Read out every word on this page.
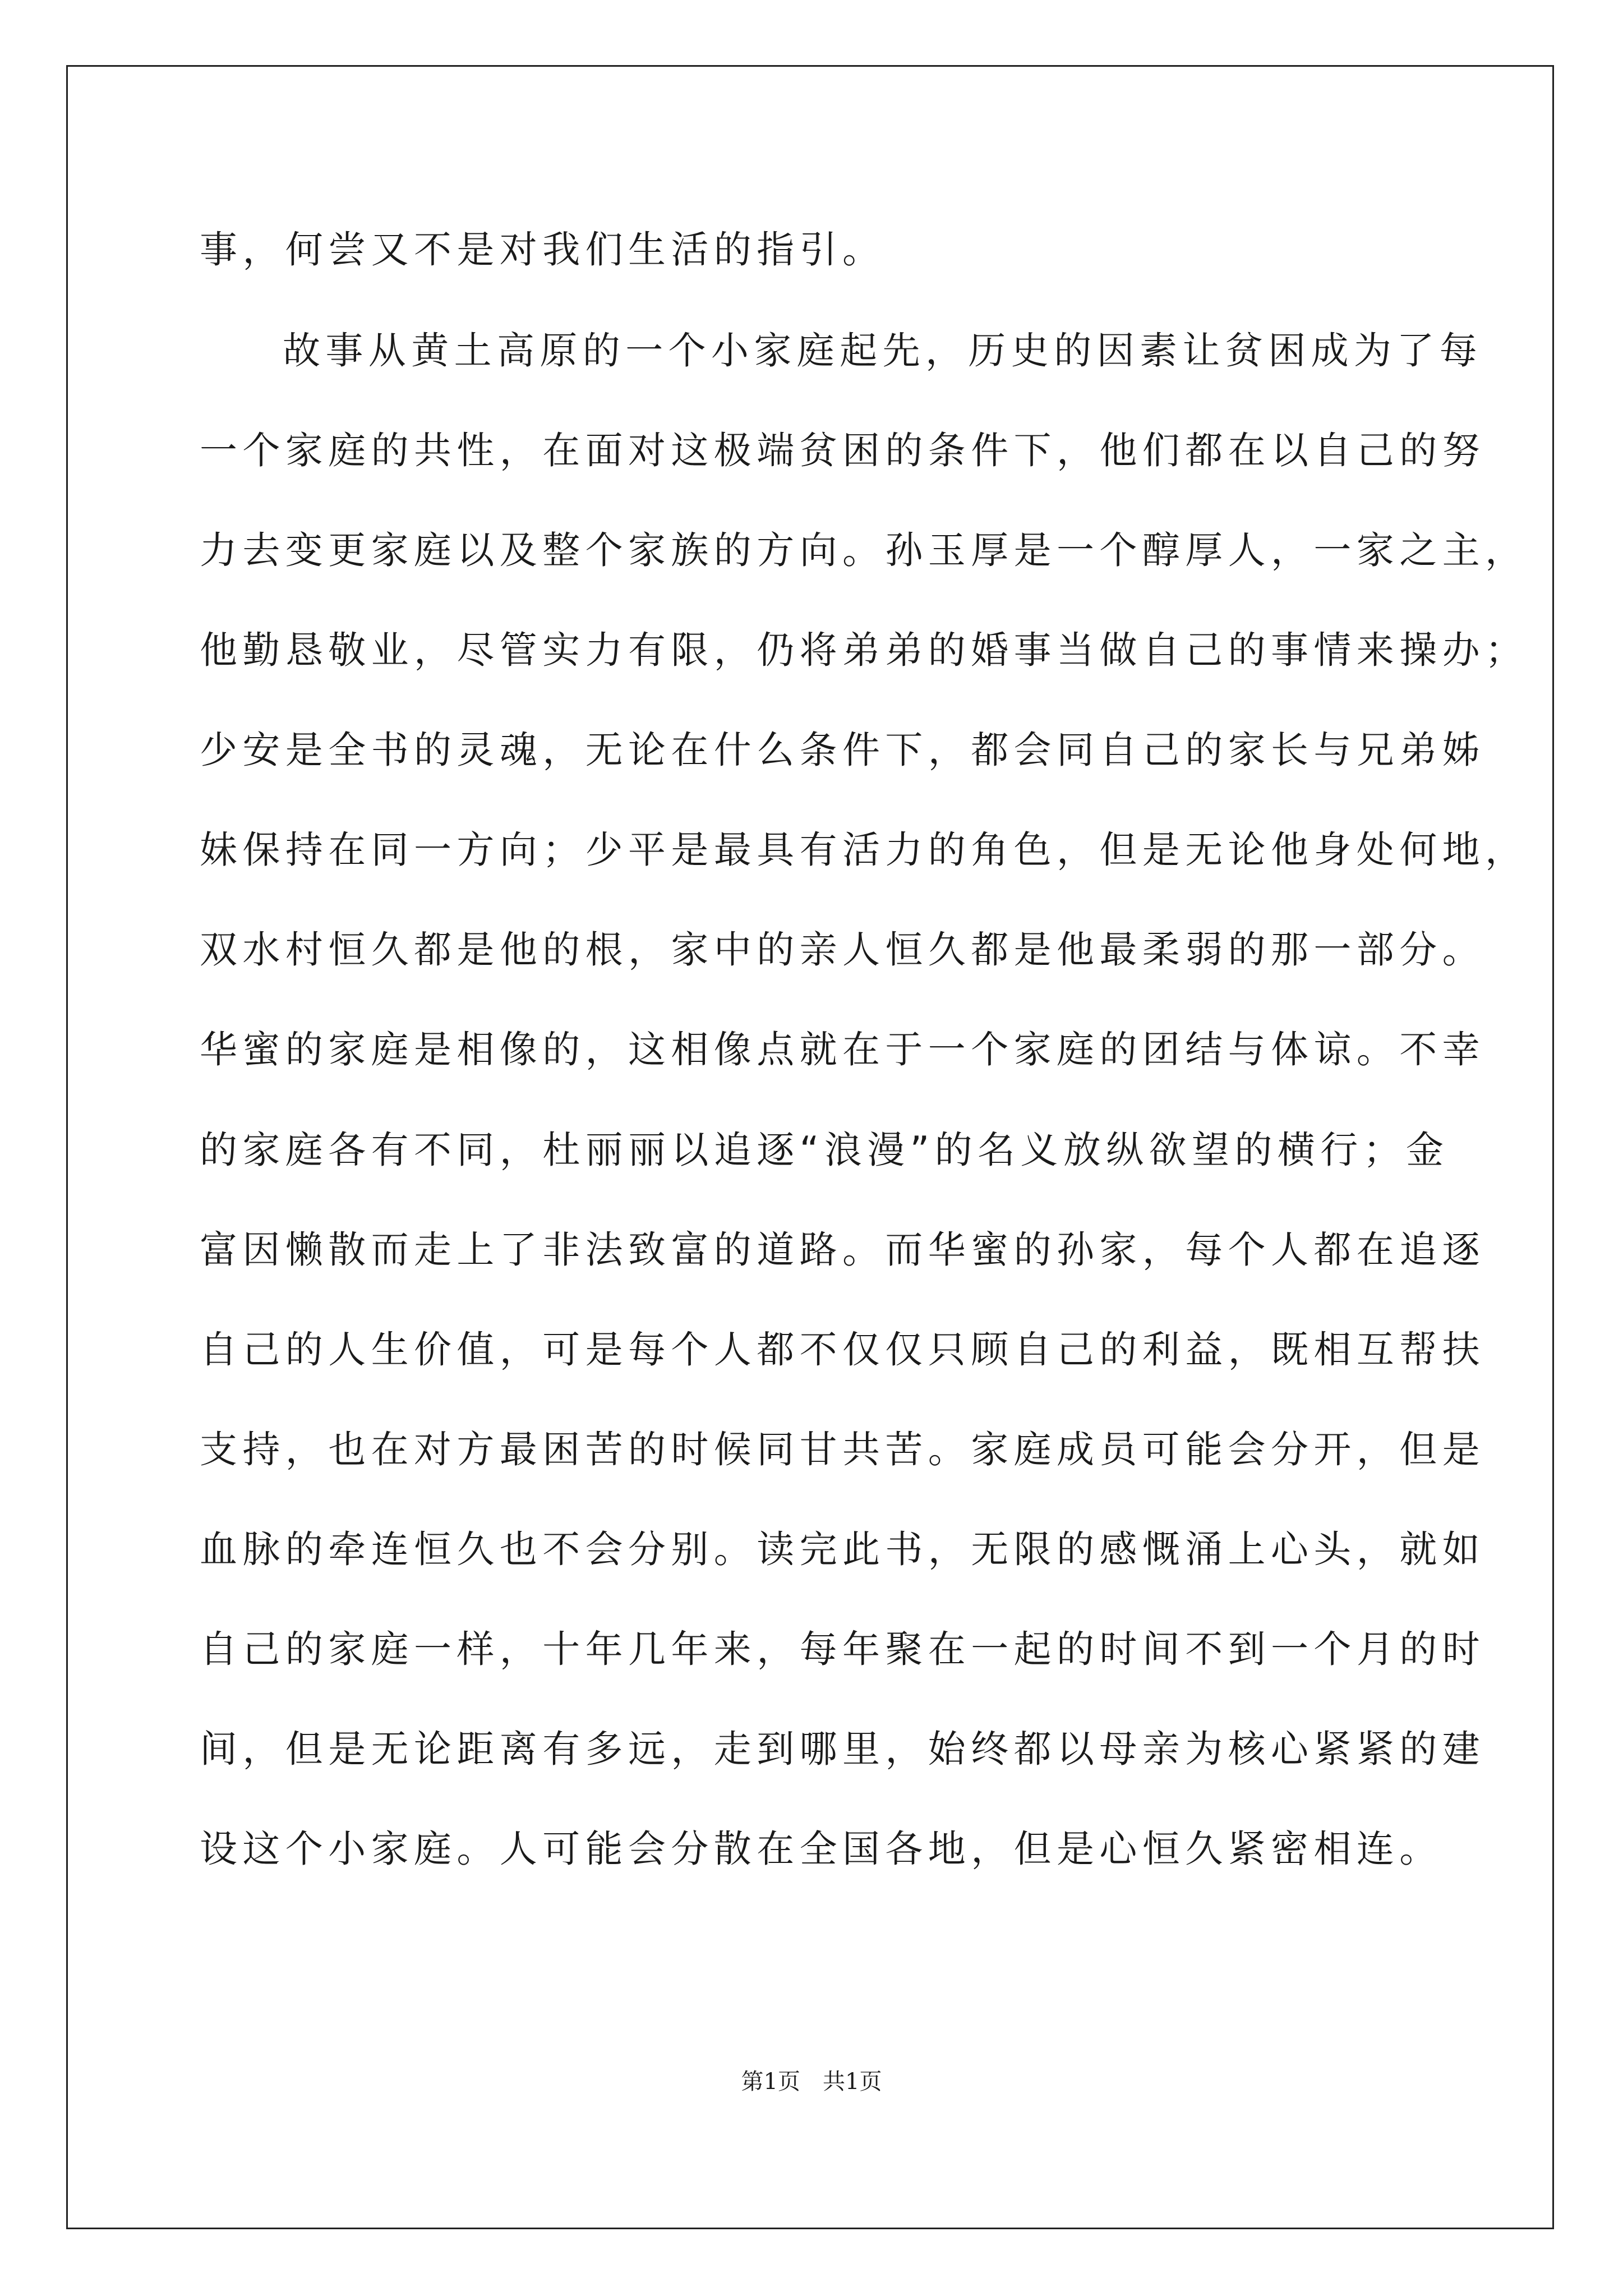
事，何尝又不是对我们生活的指引。
故事从黄土高原的一个小家庭起先，历史的因素让贫困成为了每
一个家庭的共性，在面对这极端贫困的条件下，他们都在以自己的努
力去变更家庭以及整个家族的方向。孙玉厚是一个醇厚人，一家之主，
他勤恳敬业，尽管实力有限，仍将弟弟的婚事当做自己的事情来操办；
少安是全书的灵魂，无论在什么条件下，都会同自己的家长与兄弟姊
妹保持在同一方向；少平是最具有活力的角色，但是无论他身处何地，
双水村恒久都是他的根，家中的亲人恒久都是他最柔弱的那一部分。
华蜜的家庭是相像的，这相像点就在于一个家庭的团结与体谅。不幸
的家庭各有不同，杜丽丽以追逐“浪漫”的名义放纵欲望的横行；金
富因懒散而走上了非法致富的道路。而华蜜的孙家，每个人都在追逐
自己的人生价值，可是每个人都不仅仅只顾自己的利益，既相互帮扶
支持，也在对方最困苦的时候同甘共苦。家庭成员可能会分开，但是
血脉的牵连恒久也不会分别。读完此书，无限的感慨涌上心头，就如
自己的家庭一样，十年几年来，每年聚在一起的时间不到一个月的时
间，但是无论距离有多远，走到哪里，始终都以母亲为核心紧紧的建
设这个小家庭。人可能会分散在全国各地，但是心恒久紧密相连。
第1页　共1页
